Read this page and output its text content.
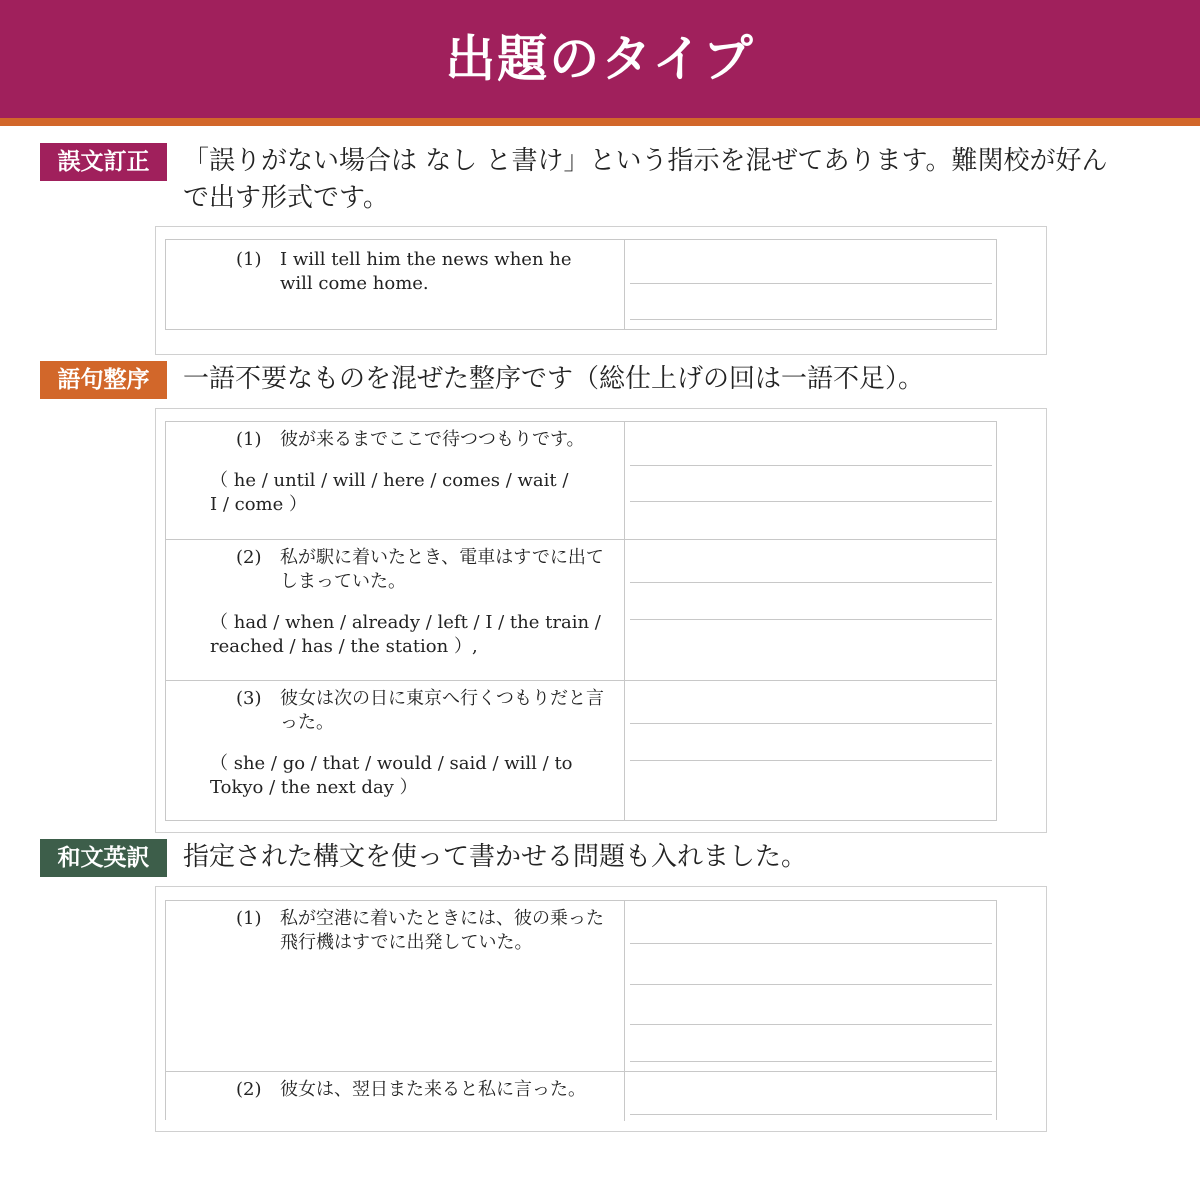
出題のタイプ
誤文訂正	「誤りがない場合は なし と書け」という指示を混ぜてあります。難関校が好ん
で出す形式です。
(1) I will tell him the news when he will come home.
語句整序	一語不要なものを混ぜた整序です（総仕上げの回は一語不足）。
(1) 彼が来るまでここで待つつもりです。
（ he / until / will / here / comes / wait / I / come ）
(2) 私が駅に着いたとき、電車はすでに出てしまっていた。
（ had / when / already / left / I / the train / reached / has / the station ）,
(3) 彼女は次の日に東京へ行くつもりだと言った。
（ she / go / that / would / said / will / to Tokyo / the next day ）
和文英訳	指定された構文を使って書かせる問題も入れました。
(1) 私が空港に着いたときには、彼の乗った飛行機はすでに出発していた。
(2) 彼女は、翌日また来ると私に言った。
